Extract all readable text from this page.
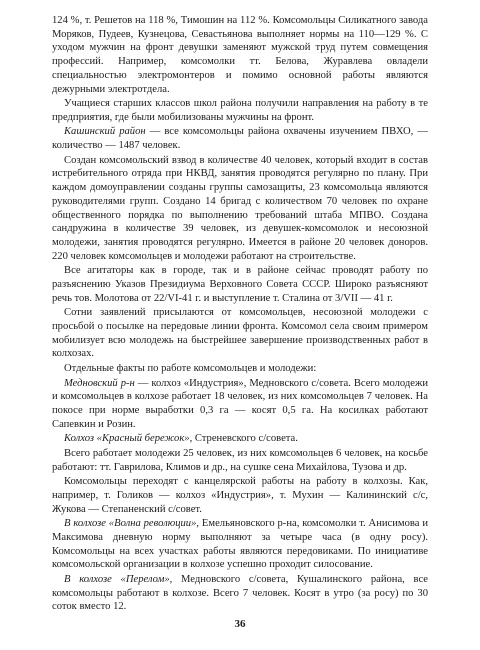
124 %, т. Решетов на 118 %, Тимошин на 112 %. Комсомольцы Силикатного завода Моряков, Пудеев, Кузнецова, Севастьянова выполняет нормы на 110—129 %. С уходом мужчин на фронт девушки заменяют мужской труд путем совмещения профессий. Например, комсомолки тт. Белова, Журавлева овладели специальностью электромонтеров и помимо основной работы являются дежурными электротдела.

Учащиеся старших классов школ района получили направления на работу в те предприятия, где были мобилизованы мужчины на фронт.

Кашинский район — все комсомольцы района охвачены изучением ПВХО, — количество — 1487 человек.

Создан комсомольский взвод в количестве 40 человек, который входит в состав истребительного отряда при НКВД, занятия проводятся регулярно по плану. При каждом домоуправлении созданы группы самозащиты, 23 комсомольца являются руководителями групп. Создано 14 бригад с количеством 70 человек по охране общественного порядка по выполнению требований штаба МПВО. Создана сандружина в количестве 39 человек, из девушек-комсомолок и несоюзной молодежи, занятия проводятся регулярно. Имеется в районе 20 человек доноров. 220 человек комсомольцев и молодежи работают на строительстве.

Все агитаторы как в городе, так и в районе сейчас проводят работу по разъяснению Указов Президиума Верховного Совета СССР. Широко разъясняют речь тов. Молотова от 22/VI-41 г. и выступление т. Сталина от 3/VII — 41 г.

Сотни заявлений присылаются от комсомольцев, несоюзной молодежи с просьбой о посылке на передовые линии фронта. Комсомол села своим примером мобилизует всю молодежь на быстрейшее завершение производственных работ в колхозах.

Отдельные факты по работе комсомольцев и молодежи:

Медновский р-н — колхоз «Индустрия», Медновского с/совета. Всего молодежи и комсомольцев в колхозе работает 18 человек, из них комсомольцев 7 человек. На покосе при норме выработки 0,3 га — косят 0,5 га. На косилках работают Сапевкин и Розин.

Колхоз «Красный бережок», Стреневского с/совета.

Всего работает молодежи 25 человек, из них комсомольцев 6 человек, на косьбе работают: тт. Гаврилова, Климов и др., на сушке сена Михайлова, Тузова и др.

Комсомольцы переходят с канцелярской работы на работу в колхозы. Как, например, т. Голиков — колхоз «Индустрия», т. Мухин — Калининский с/с, Жукова — Степаненский с/совет.

В колхозе «Волна революции», Емельяновского р-на, комсомолки т. Анисимова и Максимова дневную норму выполняют за четыре часа (в одну росу). Комсомольцы на всех участках работы являются передовиками. По инициативе комсомольской организации в колхозе успешно проходит силосование.

В колхозе «Перелом», Медновского с/совета, Кушалинского района, все комсомольцы работают в колхозе. Всего 7 человек. Косят в утро (за росу) по 30 соток вместо 12.

36
